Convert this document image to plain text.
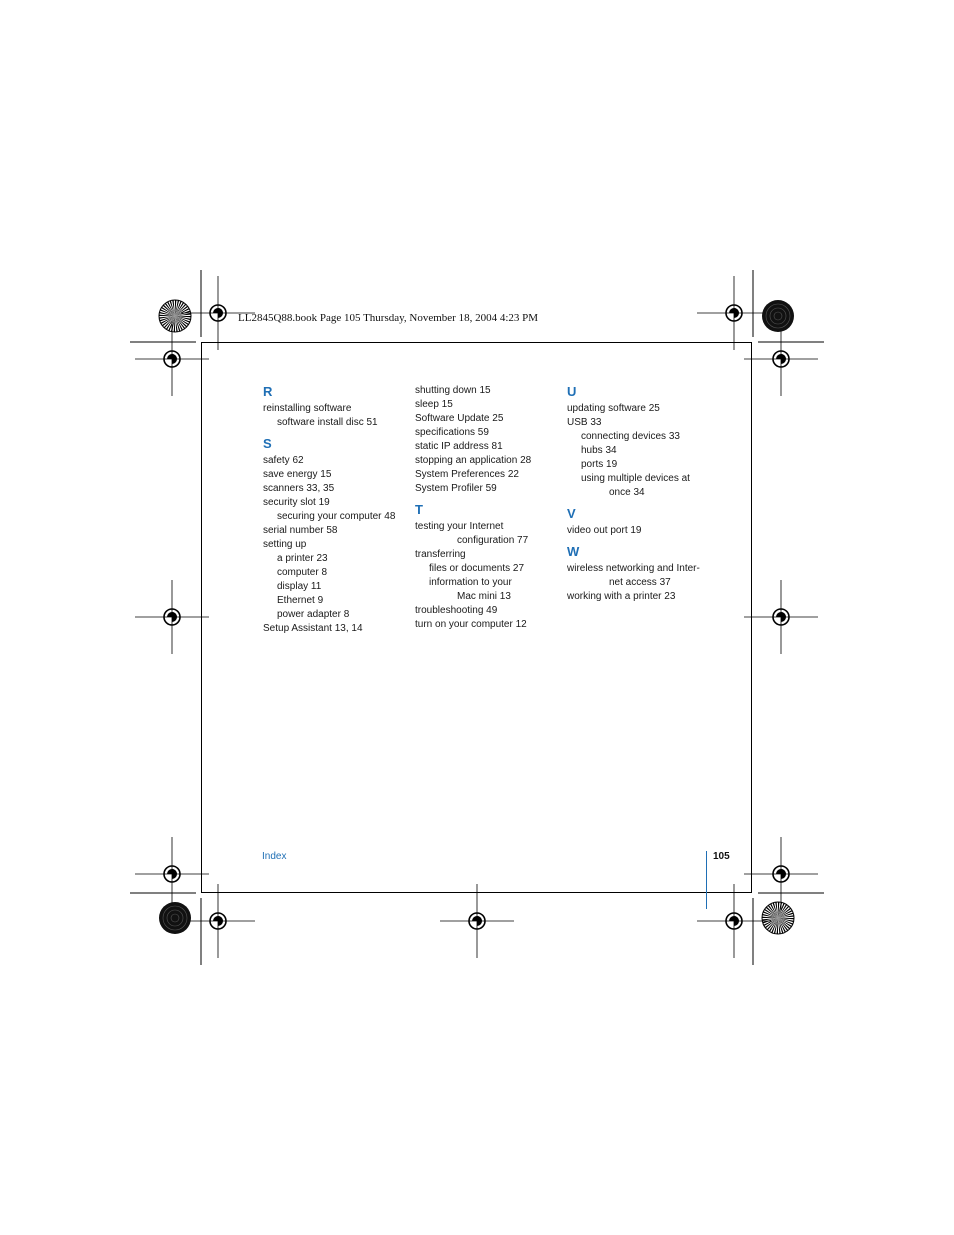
LL2845Q88.book Page 105 Thursday, November 18, 2004 4:23 PM
R
reinstalling software
software install disc 51
S
safety 62
save energy 15
scanners 33, 35
security slot 19
securing your computer 48
serial number 58
setting up
a printer 23
computer 8
display 11
Ethernet 9
power adapter 8
Setup Assistant 13, 14
shutting down 15
sleep 15
Software Update 25
specifications 59
static IP address 81
stopping an application 28
System Preferences 22
System Profiler 59
T
testing your Internet
configuration 77
transferring
files or documents 27
information to your
Mac mini 13
troubleshooting 49
turn on your computer 12
U
updating software 25
USB 33
connecting devices 33
hubs 34
ports 19
using multiple devices at
once 34
V
video out port 19
W
wireless networking and Inter-
net access 37
working with a printer 23
Index	105
